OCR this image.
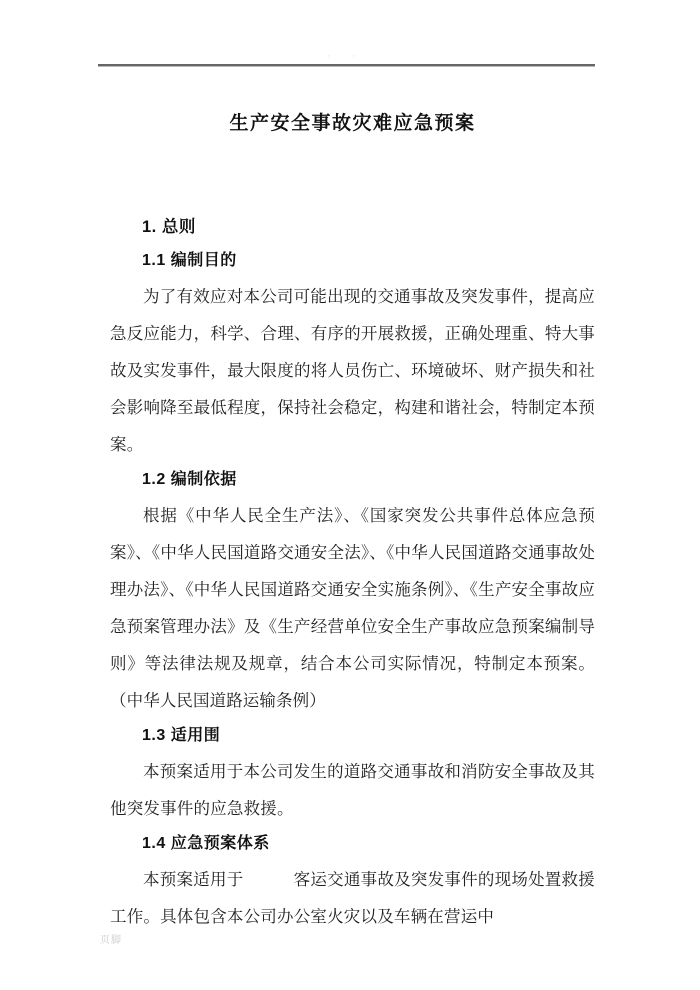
· ·
生产安全事故灾难应急预案
1. 总则
1.1 编制目的

为了有效应对本公司可能出现的交通事故及突发事件，提高应急反应能力，科学、合理、有序的开展救援，正确处理重、特大事故及实发事件，最大限度的将人员伤亡、环境破坏、财产损失和社会影响降至最低程度，保持社会稳定，构建和谐社会，特制定本预案。

1.2 编制依据

根据《中华人民全生产法》、《国家突发公共事件总体应急预案》、《中华人民国道路交通安全法》、《中华人民国道路交通事故处理办法》、《中华人民国道路交通安全实施条例》、《生产安全事故应急预案管理办法》及《生产经营单位安全生产事故应急预案编制导则》等法律法规及规章，结合本公司实际情况，特制定本预案。（中华人民国道路运输条例）

1.3 适用围

本预案适用于本公司发生的道路交通事故和消防安全事故及其他突发事件的应急救援。

1.4 应急预案体系

本预案适用于　　　客运交通事故及突发事件的现场处置救援工作。具体包含本公司办公室火灾以及车辆在营运中

页脚
